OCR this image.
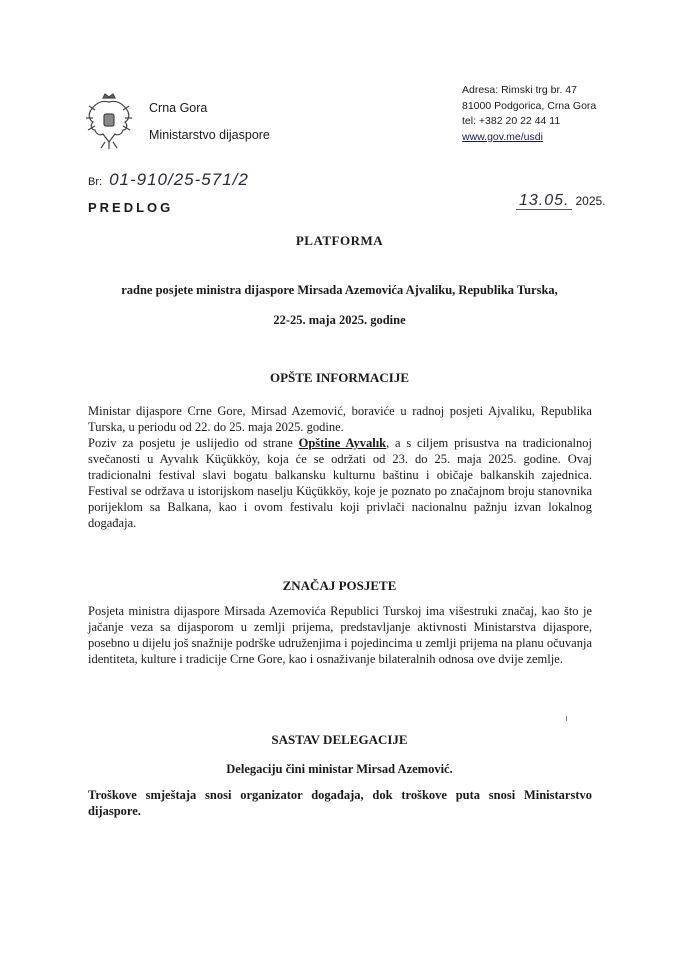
Crna Gora
Ministarstvo dijaspore
Adresa: Rimski trg br. 47
81000 Podgorica, Crna Gora
tel: +382 20 22 44 11
www.gov.me/usdi
Br: 01-910/25-571/2
13.05. 2025.
PREDLOG
PLATFORMA
radne posjete ministra dijaspore Mirsada Azemovića Ajvaliku, Republika Turska,
22-25. maja 2025. godine
OPŠTE INFORMACIJE

Ministar dijaspore Crne Gore, Mirsad Azemović, boraviće u radnoj posjeti Ajvaliku, Republika Turska, u periodu od 22. do 25. maja 2025. godine.

Poziv za posjetu je uslijedio od strane Opštine Ayvalık, a s ciljem prisustva na tradicionalnoj svečanosti u Ayvalık Küçükköy, koja će se održati od 23. do 25. maja 2025. godine. Ovaj tradicionalni festival slavi bogatu balkansku kulturnu baštinu i običaje balkanskih zajednica. Festival se održava u istorijskom naselju Küçükköy, koje je poznato po značajnom broju stanovnika porijeklom sa Balkana, kao i ovom festivalu koji privlači nacionalnu pažnju izvan lokalnog događaja.

ZNAČAJ POSJETE

Posjeta ministra dijaspore Mirsada Azemovića Republici Turskoj ima višestruki značaj, kao što je jačanje veza sa dijasporom u zemlji prijema, predstavljanje aktivnosti Ministarstva dijaspore, posebno u dijelu još snažnije podrške udruženjima i pojedincima u zemlji prijema na planu očuvanja identiteta, kulture i tradicije Crne Gore, kao i osnaživanje bilateralnih odnosa ove dvije zemlje.

SASTAV DELEGACIJE
Delegaciju čini ministar Mirsad Azemović.

Troškove smještaja snosi organizator događaja, dok troškove puta snosi Ministarstvo dijaspore.
